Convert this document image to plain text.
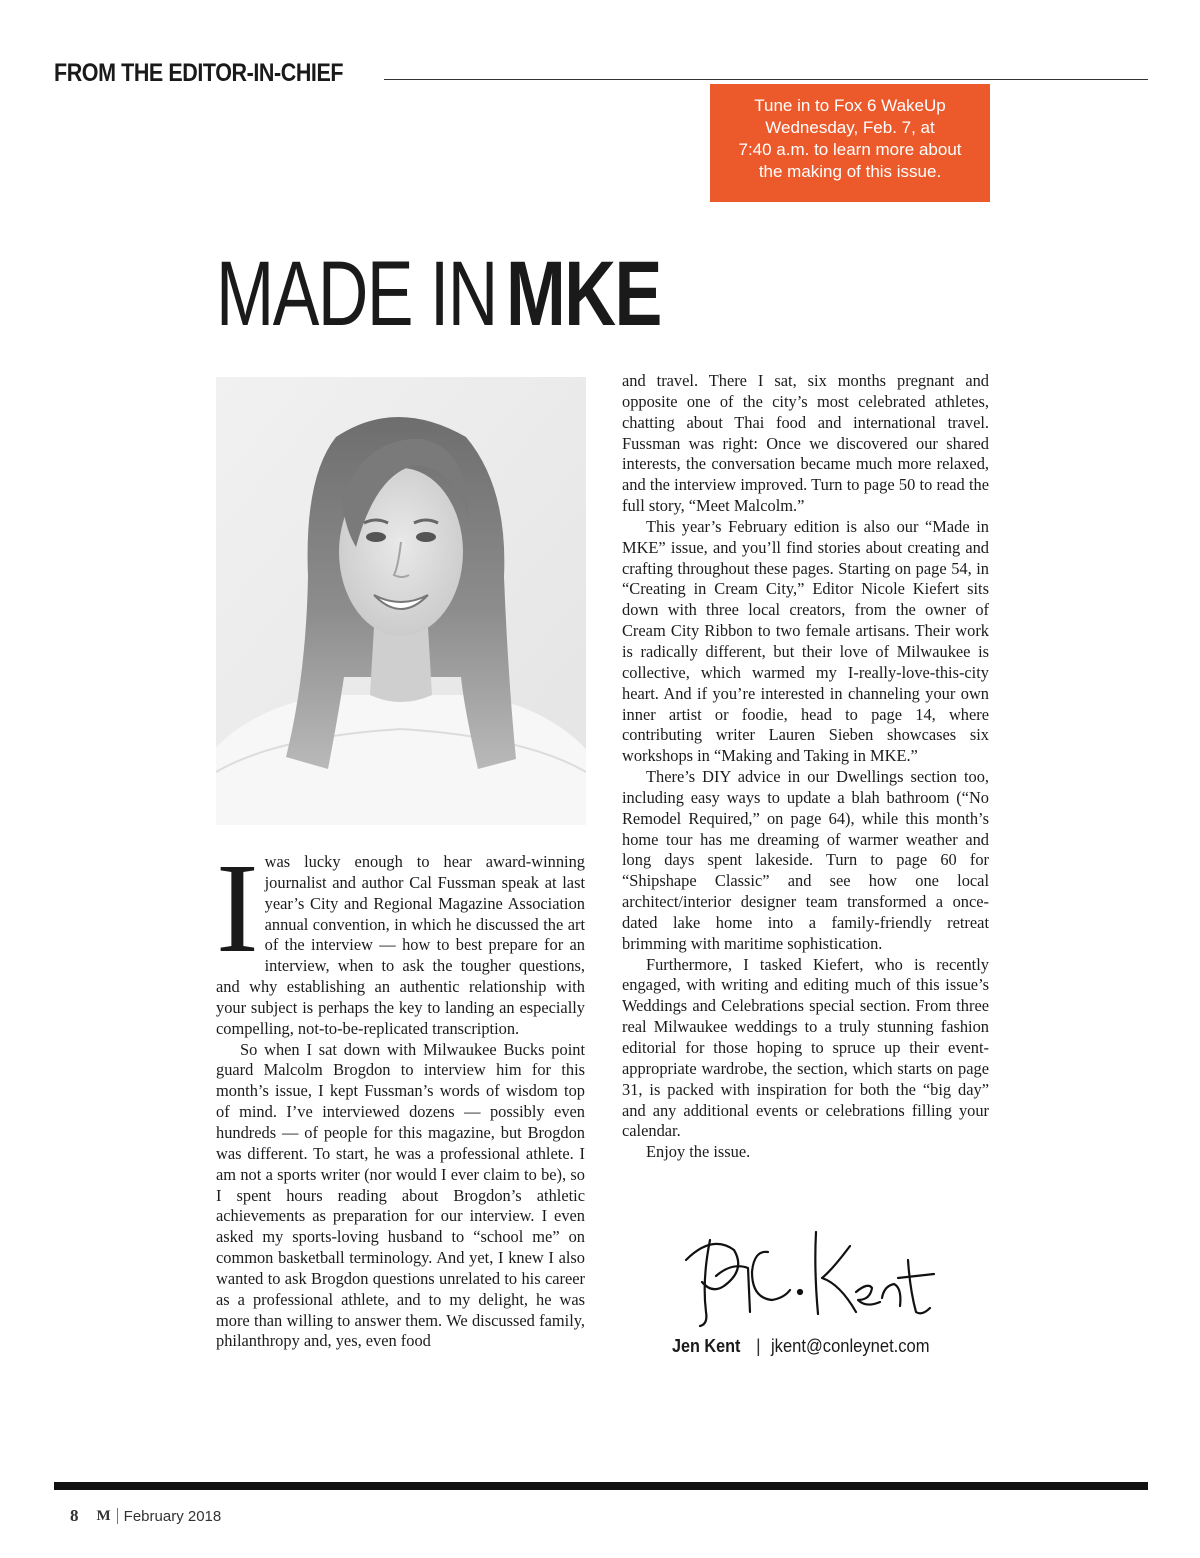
FROM THE EDITOR-IN-CHIEF
Tune in to Fox 6 WakeUp
Wednesday, Feb. 7, at
7:40 a.m. to learn more about
the making of this issue.
MADE INMKE
I was lucky enough to hear award-winning journalist and author Cal Fussman speak at last year’s City and Regional Magazine Association annual convention, in which he discussed the art of the interview — how to best prepare for an interview, when to ask the tougher questions, and why establishing an authentic relationship with your subject is perhaps the key to landing an especially compelling, not-to-be-replicated transcription.

So when I sat down with Milwaukee Bucks point guard Malcolm Brogdon to interview him for this month’s issue, I kept Fussman’s words of wisdom top of mind. I’ve interviewed dozens — possibly even hundreds — of people for this magazine, but Brogdon was different. To start, he was a professional athlete. I am not a sports writer (nor would I ever claim to be), so I spent hours reading about Brogdon’s athletic achievements as preparation for our interview. I even asked my sports-loving husband to “school me” on common basketball terminology. And yet, I knew I also wanted to ask Brogdon questions unrelated to his career as a professional athlete, and to my delight, he was more than willing to answer them. We discussed family, philanthropy and, yes, even food

and travel. There I sat, six months pregnant and opposite one of the city’s most celebrated athletes, chatting about Thai food and international travel. Fussman was right: Once we discovered our shared interests, the conversation became much more relaxed, and the interview improved. Turn to page 50 to read the full story, “Meet Malcolm.”

This year’s February edition is also our “Made in MKE” issue, and you’ll find stories about creating and crafting throughout these pages. Starting on page 54, in “Creating in Cream City,” Editor Nicole Kiefert sits down with three local creators, from the owner of Cream City Ribbon to two female artisans. Their work is radically different, but their love of Milwaukee is collective, which warmed my I-really-love-this-city heart. And if you’re interested in channeling your own inner artist or foodie, head to page 14, where contributing writer Lauren Sieben showcases six workshops in “Making and Taking in MKE.”

There’s DIY advice in our Dwellings section too, including easy ways to update a blah bathroom (“No Remodel Required,” on page 64), while this month’s home tour has me dreaming of warmer weather and long days spent lakeside. Turn to page 60 for “Shipshape Classic” and see how one local architect/interior designer team transformed a once-dated lake home into a family-friendly retreat brimming with maritime sophistication.

Furthermore, I tasked Kiefert, who is recently engaged, with writing and editing much of this issue’s Weddings and Celebrations special section. From three real Milwaukee weddings to a truly stunning fashion editorial for those hoping to spruce up their event-appropriate wardrobe, the section, which starts on page 31, is packed with inspiration for both the “big day” and any additional events or celebrations filling your calendar.

Enjoy the issue.

Jen Kent | jkent@conleynet.com
8 M February 2018
